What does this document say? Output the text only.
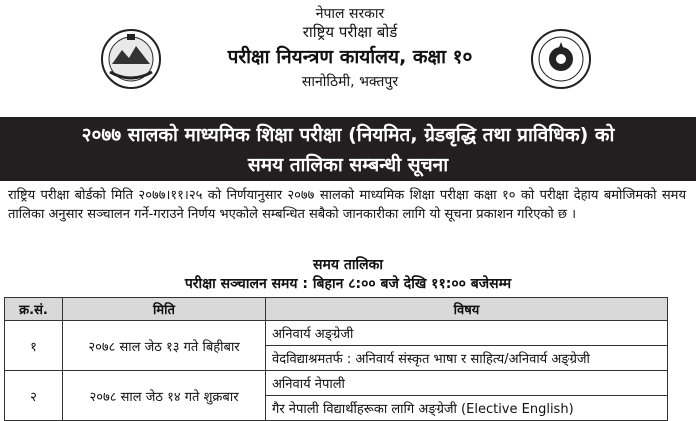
नेपाल सरकार
राष्ट्रिय परीक्षा बोर्ड
परीक्षा नियन्त्रण कार्यालय, कक्षा १०
सानोठिमी, भक्तपुर
२०७७ सालको माध्यमिक शिक्षा परीक्षा (नियमित, ग्रेडबृद्धि तथा प्राविधिक) को
समय तालिका सम्बन्धी सूचना
राष्ट्रिय परीक्षा बोर्डको मिति २०७७।११।२५ को निर्णयानुसार २०७७ सालको माध्यमिक शिक्षा परीक्षा कक्षा १० को परीक्षा देहाय बमोजिमको समय तालिका अनुसार सञ्चालन गर्ने-गराउने निर्णय भएकोले सम्बन्धित सबैको जानकारीका लागि यो सूचना प्रकाशन गरिएको छ ।
समय तालिका
परीक्षा सञ्चालन समय : बिहान ८:०० बजे देखि ११:०० बजेसम्म
क्र.सं.	मिति	विषय
१	२०७८ साल जेठ १३ गते बिहीबार	अनिवार्य अङ्ग्रेजी
		वेदविद्याश्रमतर्फ : अनिवार्य संस्कृत भाषा र साहित्य/अनिवार्य अङ्ग्रेजी
२	२०७८ साल जेठ १४ गते शुक्रबार	अनिवार्य नेपाली
		गैर नेपाली विद्यार्थीहरूका लागि अङ्ग्रेजी (Elective English)
